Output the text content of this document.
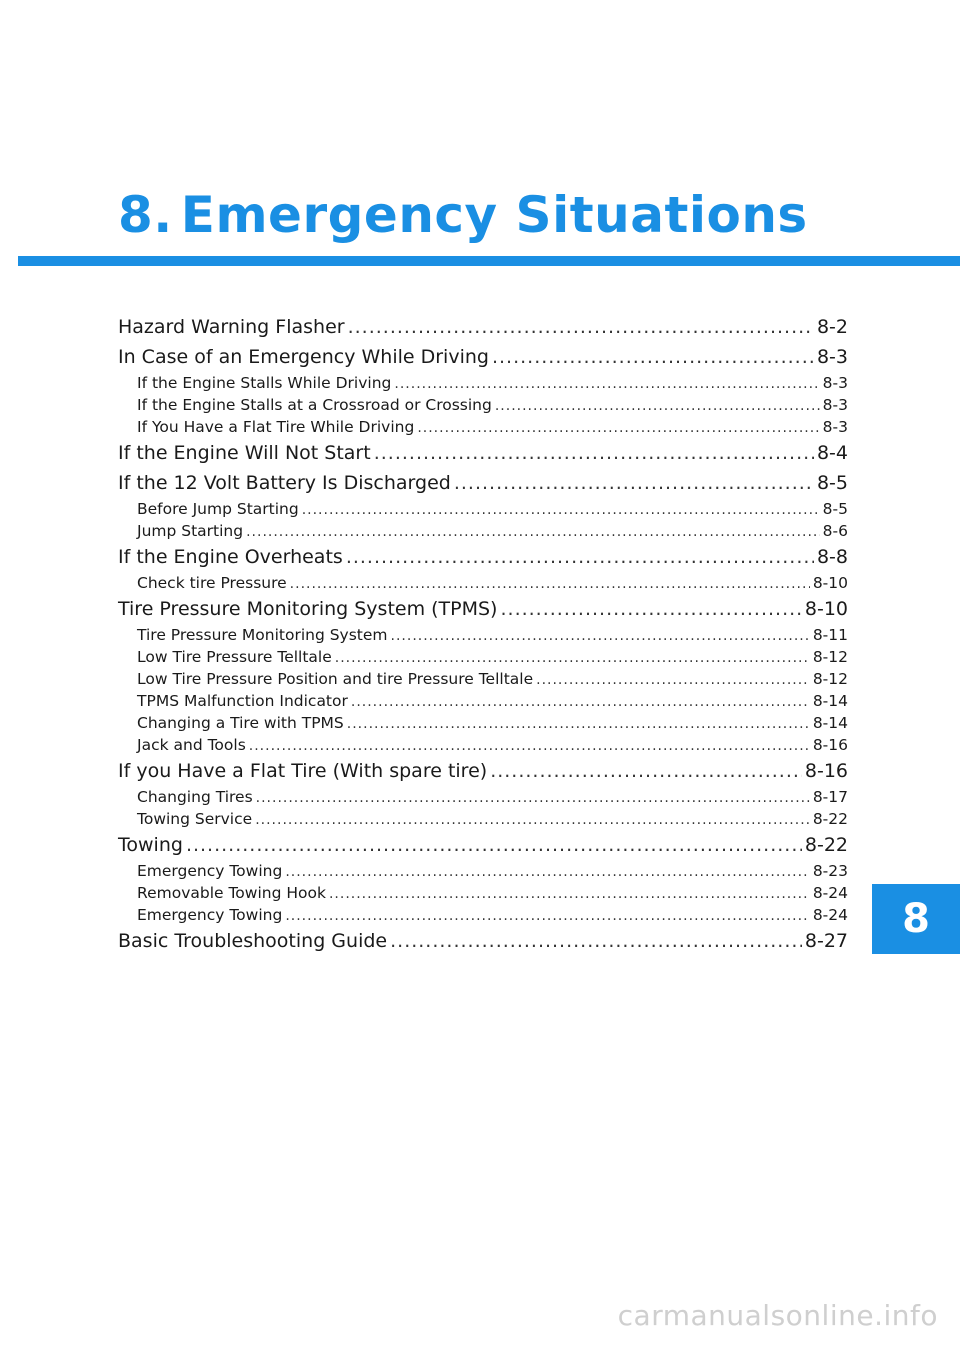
8. Emergency Situations
Hazard Warning Flasher .....	8-2
In Case of an Emergency While Driving .....	8-3
If the Engine Stalls While Driving .....	8-3
If the Engine Stalls at a Crossroad or Crossing .....	8-3
If You Have a Flat Tire While Driving .....	8-3
If the Engine Will Not Start .....	8-4
If the 12 Volt Battery Is Discharged .....	8-5
Before Jump Starting .....	8-5
Jump Starting .....	8-6
If the Engine Overheats .....	8-8
Check tire Pressure .....	8-10
Tire Pressure Monitoring System (TPMS) .....	8-10
Tire Pressure Monitoring System .....	8-11
Low Tire Pressure Telltale .....	8-12
Low Tire Pressure Position and tire Pressure Telltale .....	8-12
TPMS Malfunction Indicator .....	8-14
Changing a Tire with TPMS .....	8-14
Jack and Tools .....	8-16
If you Have a Flat Tire (With spare tire) .....	8-16
Changing Tires .....	8-17
Towing Service .....	8-22
Towing .....	8-22
Emergency Towing .....	8-23
Removable Towing Hook .....	8-24
Emergency Towing .....	8-24
Basic Troubleshooting Guide .....	8-27	8
carmanualsonline.info
